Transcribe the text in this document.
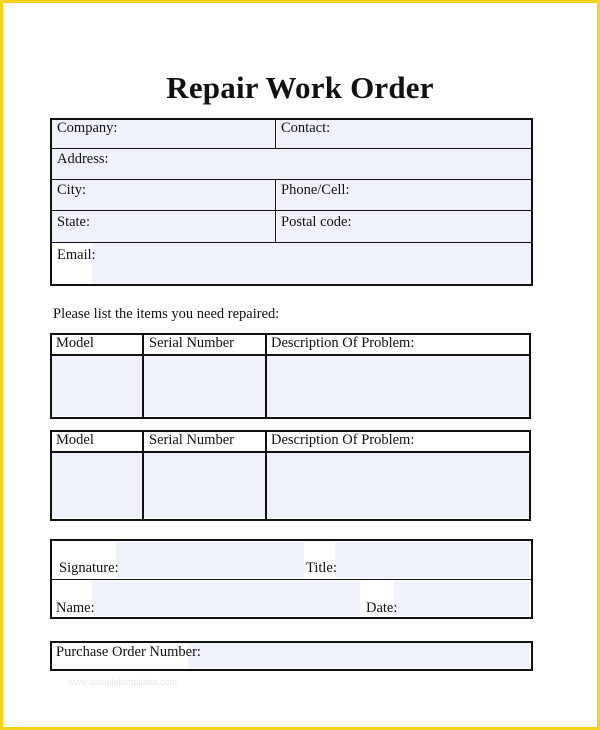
Repair Work Order
Company:	Contact:
Address:
City:	Phone/Cell:
State:	Postal code:
Email:
Please list the items you need repaired:
Model	Serial Number	Description Of Problem:
Model	Serial Number	Description Of Problem:
Signature:	Title:
Name:	Date:
Purchase Order Number:
www.sampletemplates.com
